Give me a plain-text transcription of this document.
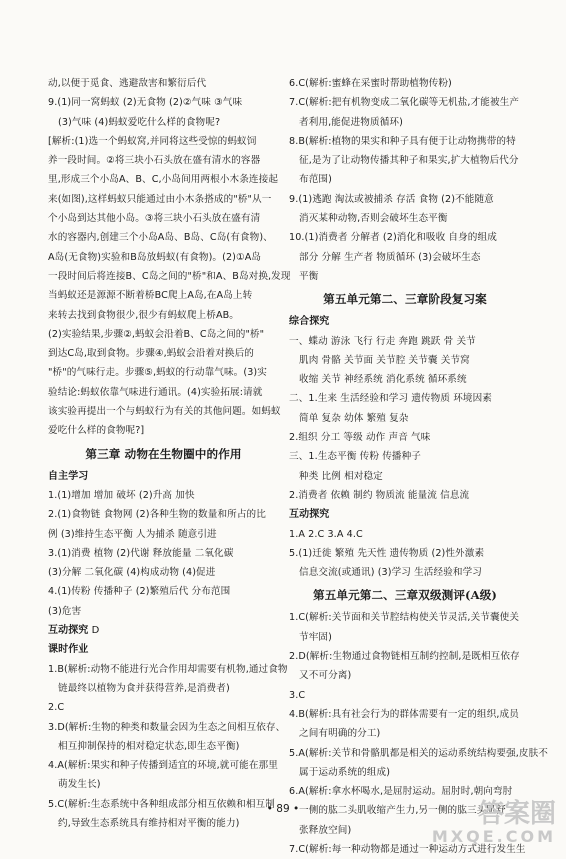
动,以便于觅食、逃避敌害和繁衍后代
9.(1)同一窝蚂蚁 (2)无食物 (2)②气味 ③气味
(3)气味 (4)蚂蚁爱吃什么样的食物呢?
[解析:(1)选一个蚂蚁窝,并同将这些受惊的蚂蚁饲
养一段时间。②将三块小石头放在盛有清水的容器
里,形成三个小岛A、B、C,小岛间用两根小木条连接起
来(如图),这样蚂蚁只能通过由小木条搭成的"桥"从一
个小岛到达其他小岛。③将三块小石头放在盛有清
水的容器内,创建三个小岛A岛、B岛、C岛(有食物)、
A岛(无食物)实验和B岛放蚂蚁(有食物)。(2)①A岛
一段时间后将连接B、C岛之间的"桥"和A、B岛对换,发现
当蚂蚁还是源源不断着桥BC爬上A岛,在A岛上转
来转去找到食物很少,很少有蚂蚁爬上桥AB。
(2)实验结果,步骤②,蚂蚁会沿着B、C岛之间的"桥"
到达C岛,取到食物。步骤④,蚂蚁会沿着对换后的
"桥"的气味行走。步骤⑤,蚂蚁的行动靠气味。(3)实
验结论:蚂蚁依靠气味进行通讯。(4)实验拓展:请就
该实验再提出一个与蚂蚁行为有关的其他问题。如蚂蚁
爱吃什么样的食物呢?]
第三章 动物在生物圈中的作用
自主学习
1.(1)增加 增加 破坏 (2)升高 加快
2.(1)食物链 食物网 (2)各种生物的数量和所占的比
例 (3)维持生态平衡 人为捕杀 随意引进
3.(1)消费 植物 (2)代谢 释放能量 二氧化碳
(3)分解 二氧化碳 (4)构成动物 (4)促进
4.(1)传粉 传播种子 (2)繁殖后代 分布范围
(3)危害
互动探究 D
课时作业
1.B(解析:动物不能进行光合作用却需要有机物,通过食物
链最终以植物为食并获得营养,是消费者)
2.C
3.D(解析:生物的种类和数量会因为生态之间相互依存、
相互抑制保持的相对稳定状态,即生态平衡)
4.A(解析:果实和种子传播到适宜的环境,就可能在那里
萌发生长)
5.C(解析:生态系统中各种组成部分相互依赖和相互制
约,导致生态系统具有维持相对平衡的能力)
6.C(解析:蜜蜂在采蜜时帮助植物传粉)
7.C(解析:把有机物变成二氧化碳等无机盐,才能被生产
者利用,能促进物质循环)
8.B(解析:植物的果实和种子具有便于让动物携带的特
征,是为了让动物传播其种子和果实,扩大植物后代分
布范围)
9.(1)逃跑 淘汰或被捕杀 存活 食物 (2)不能随意
消灭某种动物,否则会破坏生态平衡
10.(1)消费者 分解者 (2)消化和吸收 自身的组成
部分 分解 生产者 物质循环 (3)会破坏生态
平衡
第五单元第二、三章阶段复习案
综合探究
一、蝶动 游泳 飞行 行走 奔跑 跳跃 骨 关节
肌肉 骨骼 关节面 关节腔 关节囊 关节窝
收缩 关节 神经系统 消化系统 循环系统
二、1.生来 生活经验和学习 遗传物质 环境因素
简单 复杂 幼体 繁殖 复杂
2.组织 分工 等级 动作 声音 气味
三、1.生态平衡 传粉 传播种子
种类 比例 相对稳定
2.消费者 依赖 制约 物质流 能量流 信息流
互动探究
1.A 2.C 3.A 4.C
5.(1)迁徙 繁殖 先天性 遗传物质 (2)性外激素
信息交流(或通讯) (3)学习 生活经验和学习
第五单元第二、三章双级测评(A级)
1.C(解析:关节面和关节腔结构使关节灵活,关节囊使关
节牢固)
2.D(解析:生物通过食物链相互制约控制,是既相互依存
又不可分离)
3.C
4.B(解析:具有社会行为的群体需要有一定的组织,成员
之间有明确的分工)
5.A(解析:关节和骨骼肌都是相关的运动系统结构要强,皮肤不
属于运动系统的组成)
6.A(解析:拿水杯喝水,是屈肘运动。屈肘时,朝向弯肘
一侧的肱二头肌收缩产生力,另一侧的肱三头肌舒
张释放空间)
7.C(解析:每一种动物都是通过一种运动方式进行发生生
• 89 •	答案圈
MXQE.COM
